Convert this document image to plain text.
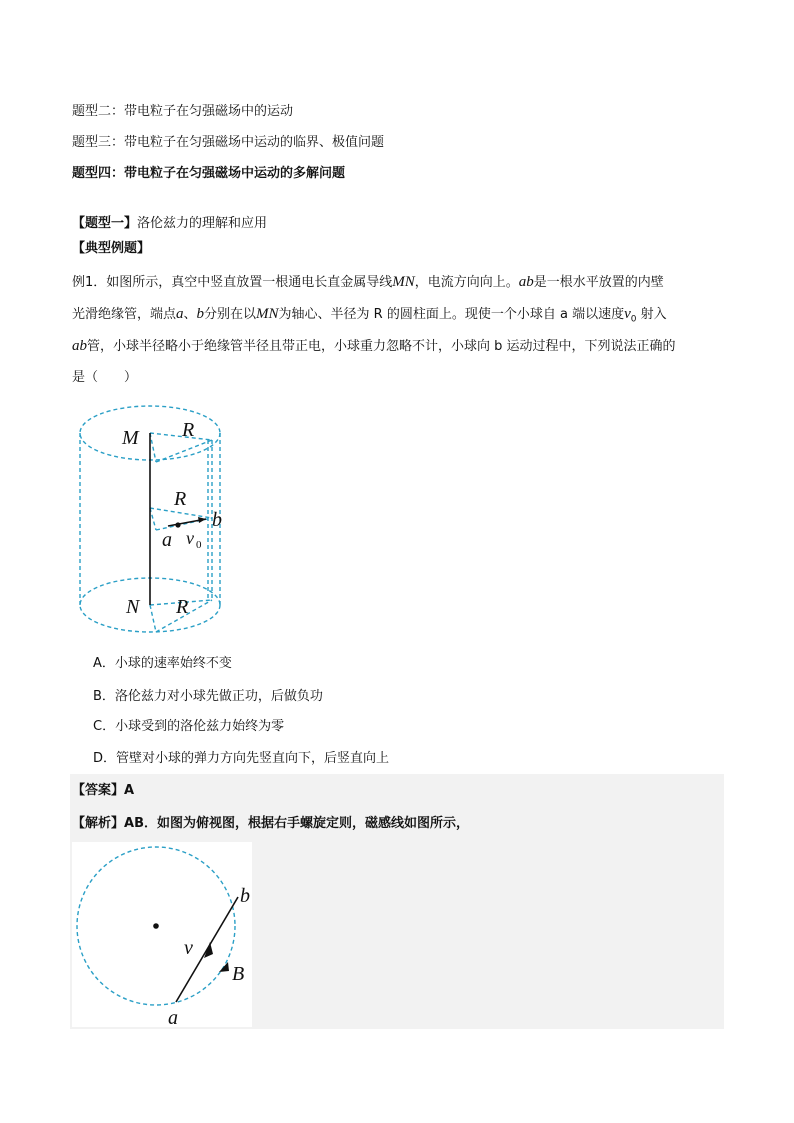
题型二：带电粒子在匀强磁场中的运动
题型三：带电粒子在匀强磁场中运动的临界、极值问题
题型四：带电粒子在匀强磁场中运动的多解问题
【题型一】洛伦兹力的理解和应用
【典型例题】
例1．如图所示，真空中竖直放置一根通电长直金属导线MN，电流方向向上。ab是一根水平放置的内壁
光滑绝缘管，端点a、b分别在以MN为轴心、半径为 R 的圆柱面上。现使一个小球自 a 端以速度$v_0$ 射入
ab管，小球半径略小于绝缘管半径且带正电，小球重力忽略不计，小球向 b 运动过程中，下列说法正确的
是（　　）
M R
R
b
a v 0
N R
A．小球的速率始终不变
B．洛伦兹力对小球先做正功，后做负功
C．小球受到的洛伦兹力始终为零
D．管壁对小球的弹力方向先竖直向下，后竖直向上
【答案】A
【解析】AB．如图为俯视图，根据右手螺旋定则，磁感线如图所示，
b
v
B
a
